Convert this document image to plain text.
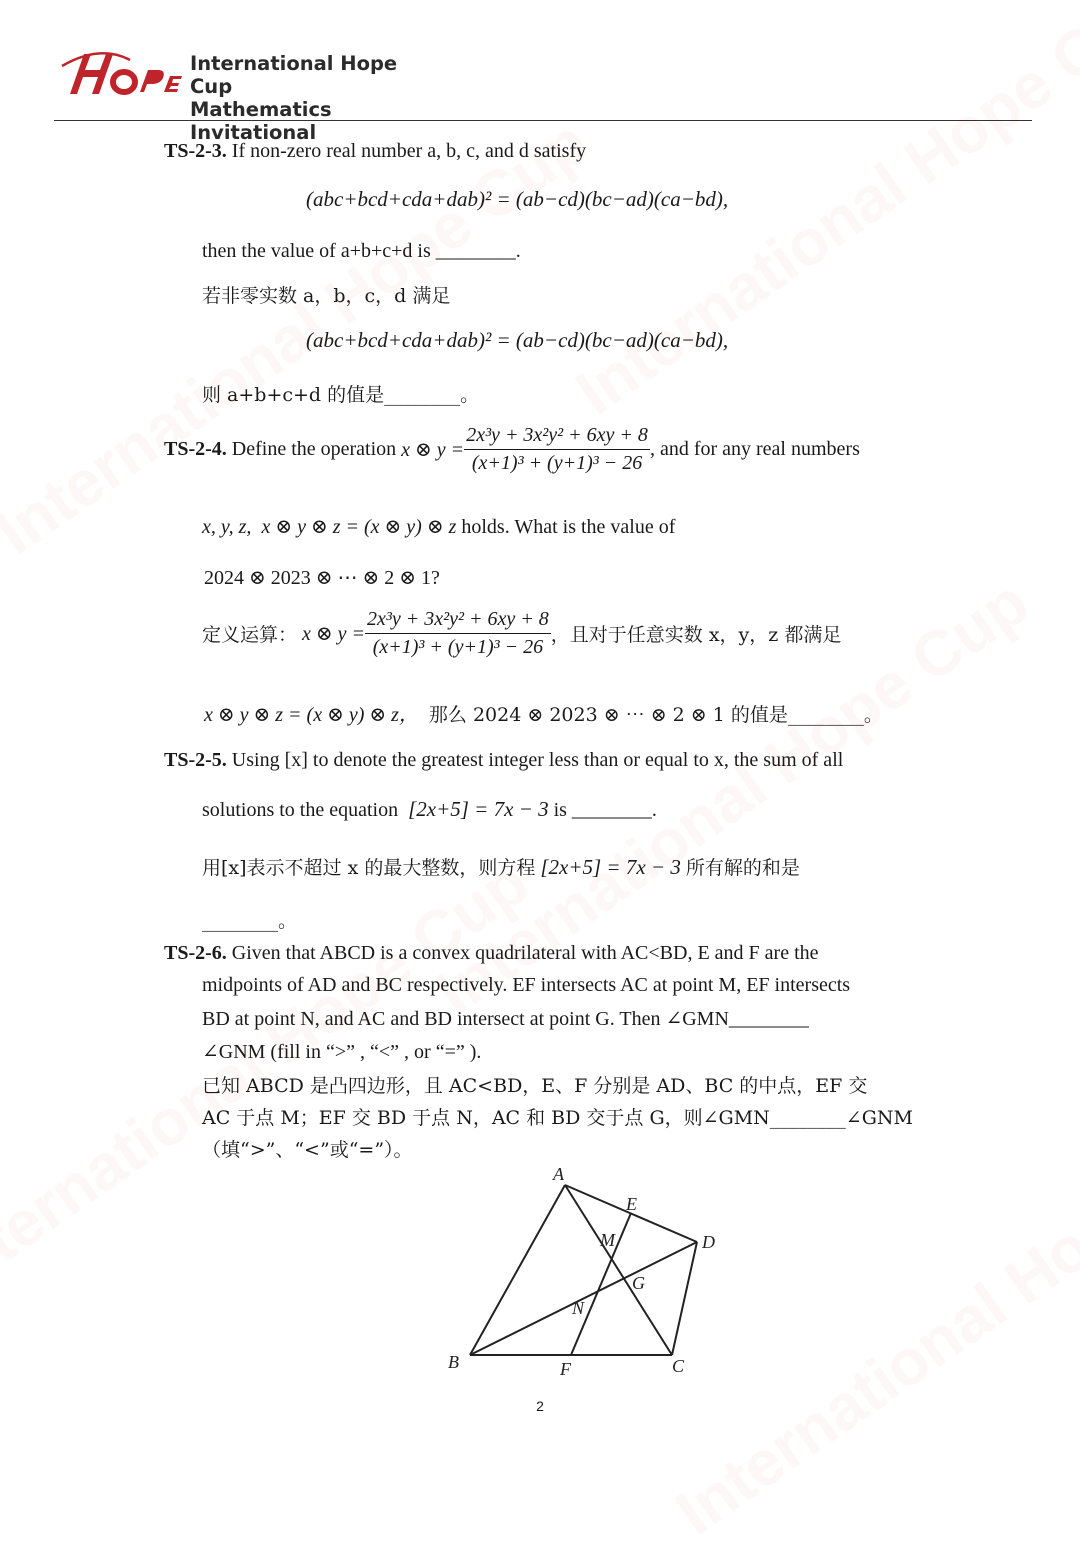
International Hope Cup
Mathematics Invitational
TS-2-3. If non-zero real number a, b, c, and d satisfy
(abc+bcd+cda+dab)² = (ab−cd)(bc−ad)(ca−bd),
then the value of a+b+c+d is ________.
若非零实数 a，b，c，d 满足
(abc+bcd+cda+dab)² = (ab−cd)(bc−ad)(ca−bd),
则 a+b+c+d 的值是________。
TS-2-4.
Define the operation
x ⊗ $y = \frac{\text{2x³y + 3x²y² + 6xy + 8}}{\text{(x+1)³ + (y+1)³ − 26}}$ , and for any real numbers
x, y, z, x ⊗ y ⊗ z = (x ⊗ y) ⊗ z holds. What is the value of
2024 ⊗ 2023 ⊗ ⋯ ⊗ 2 ⊗ 1?
定义运算：
x ⊗ $y = \frac{\text{2x³y + 3x²y² + 6xy + 8}}{\text{(x+1)³ + (y+1)³ − 26}}$ ，且对于任意实数 x，y，z 都满足
x ⊗ y ⊗ z = (x ⊗ y) ⊗ z， 那么 2024 ⊗ 2023 ⊗ ⋯ ⊗ 2 ⊗ 1 的值是________。
TS-2-5. Using [x] to denote the greatest integer less than or equal to x, the sum of all
solutions to the equation [2x+5] = 7x − 3 is ________.
用[x]表示不超过 x 的最大整数，则方程 [2x+5] = 7x − 3 所有解的和是
________。
TS-2-6. Given that ABCD is a convex quadrilateral with AC<BD, E and F are the
midpoints of AD and BC respectively. EF intersects AC at point M, EF intersects
BD at point N, and AC and BD intersect at point G. Then ∠GMN________
∠GNM (fill in “>” , “<” , or “=” ).
已知 ABCD 是凸四边形，且 AC<BD，E、F 分别是 AD、BC 的中点，EF 交
AC 于点 M；EF 交 BD 于点 N，AC 和 BD 交于点 G，则∠GMN________∠GNM
（填“>”、“<”或“=”）。
A
B	C
D
E
F
G
M
N
2
